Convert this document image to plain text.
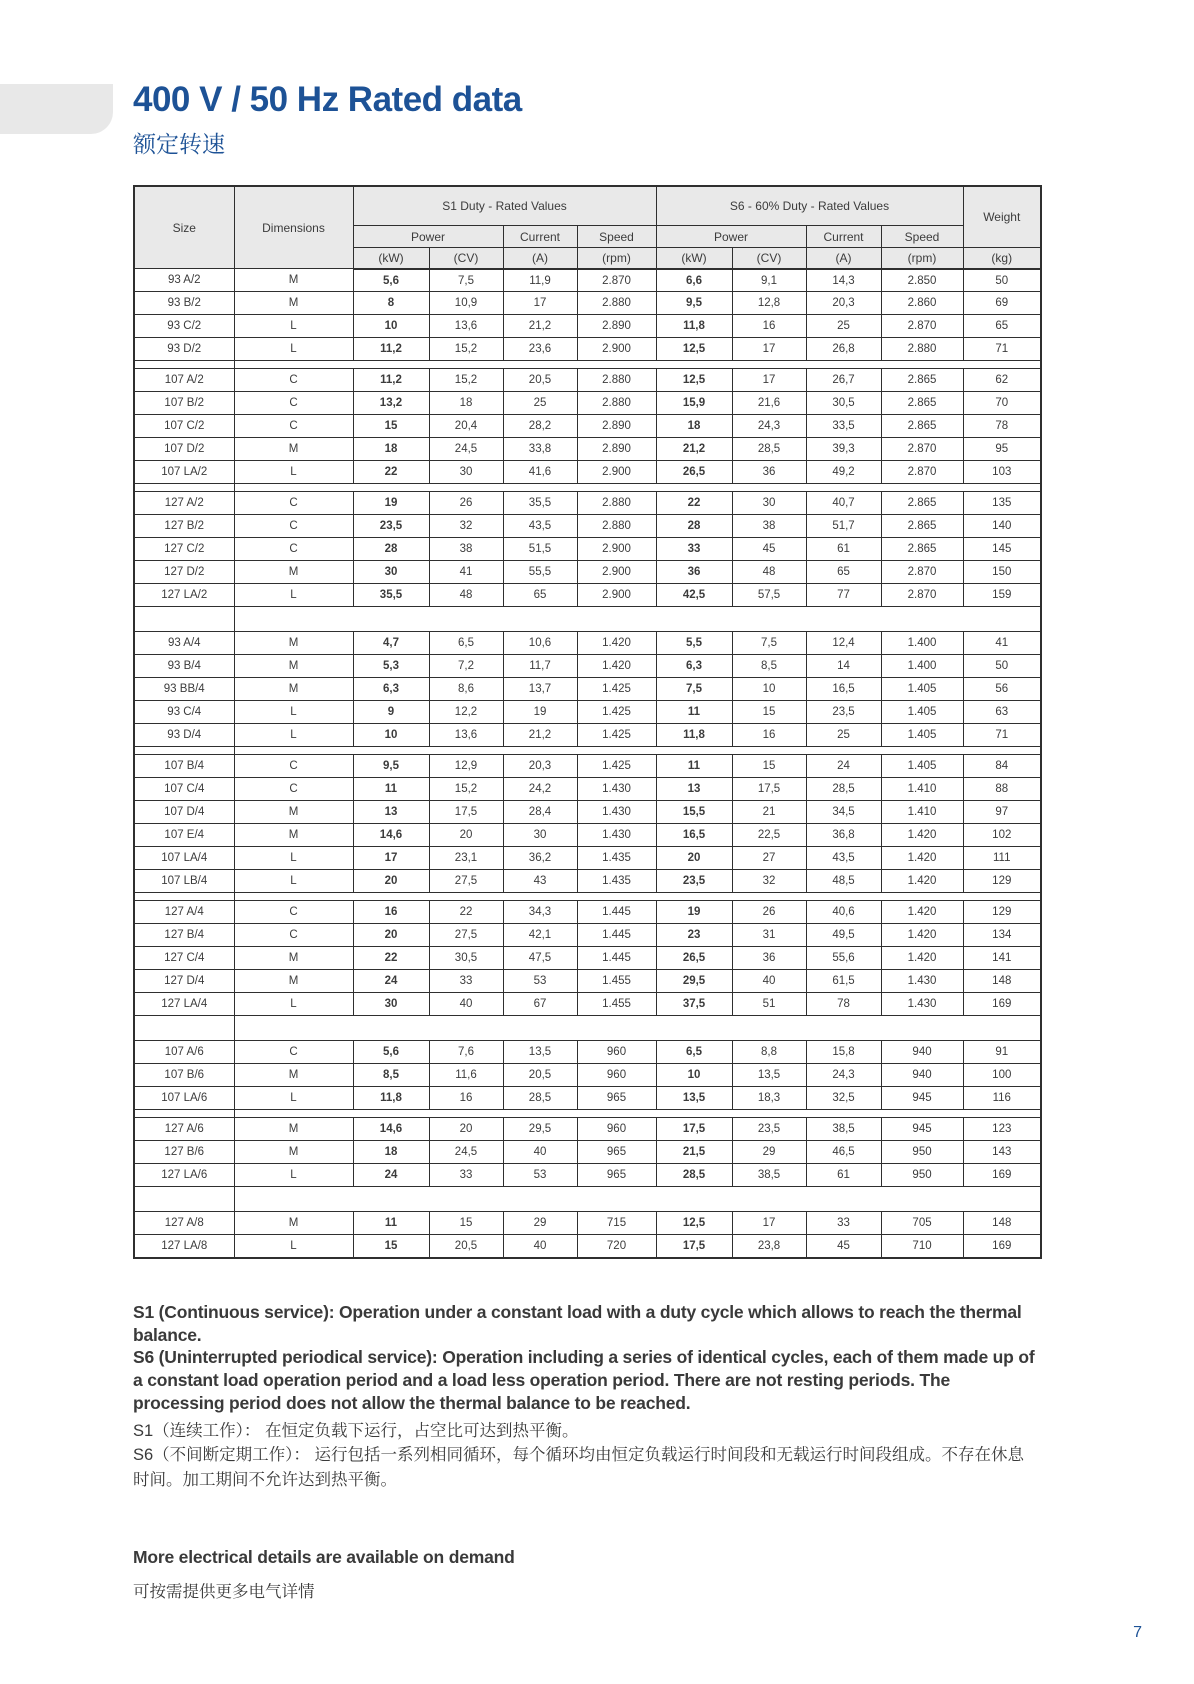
400 V / 50 Hz Rated data
额定转速
Size	Dimensions	S1 Duty - Rated Values				S6 - 60% Duty - Rated Values				Weight
		Power		Current	Speed	Power		Current	Speed	
		(kW)	(CV)	(A)	(rpm)	(kW)	(CV)	(A)	(rpm)	(kg)
93 A/2	M	5,6	7,5	11,9	2.870	6,6	9,1	14,3	2.850	50
93 B/2	M	8	10,9	17	2.880	9,5	12,8	20,3	2.860	69
93 C/2	L	10	13,6	21,2	2.890	11,8	16	25	2.870	65
93 D/2	L	11,2	15,2	23,6	2.900	12,5	17	26,8	2.880	71

107 A/2	C	11,2	15,2	20,5	2.880	12,5	17	26,7	2.865	62
107 B/2	C	13,2	18	25	2.880	15,9	21,6	30,5	2.865	70
107 C/2	C	15	20,4	28,2	2.890	18	24,3	33,5	2.865	78
107 D/2	M	18	24,5	33,8	2.890	21,2	28,5	39,3	2.870	95
107 LA/2	L	22	30	41,6	2.900	26,5	36	49,2	2.870	103

127 A/2	C	19	26	35,5	2.880	22	30	40,7	2.865	135
127 B/2	C	23,5	32	43,5	2.880	28	38	51,7	2.865	140
127 C/2	C	28	38	51,5	2.900	33	45	61	2.865	145
127 D/2	M	30	41	55,5	2.900	36	48	65	2.870	150
127 LA/2	L	35,5	48	65	2.900	42,5	57,5	77	2.870	159

93 A/4	M	4,7	6,5	10,6	1.420	5,5	7,5	12,4	1.400	41
93 B/4	M	5,3	7,2	11,7	1.420	6,3	8,5	14	1.400	50
93 BB/4	M	6,3	8,6	13,7	1.425	7,5	10	16,5	1.405	56
93 C/4	L	9	12,2	19	1.425	11	15	23,5	1.405	63
93 D/4	L	10	13,6	21,2	1.425	11,8	16	25	1.405	71

107 B/4	C	9,5	12,9	20,3	1.425	11	15	24	1.405	84
107 C/4	C	11	15,2	24,2	1.430	13	17,5	28,5	1.410	88
107 D/4	M	13	17,5	28,4	1.430	15,5	21	34,5	1.410	97
107 E/4	M	14,6	20	30	1.430	16,5	22,5	36,8	1.420	102
107 LA/4	L	17	23,1	36,2	1.435	20	27	43,5	1.420	111
107 LB/4	L	20	27,5	43	1.435	23,5	32	48,5	1.420	129

127 A/4	C	16	22	34,3	1.445	19	26	40,6	1.420	129
127 B/4	C	20	27,5	42,1	1.445	23	31	49,5	1.420	134
127 C/4	M	22	30,5	47,5	1.445	26,5	36	55,6	1.420	141
127 D/4	M	24	33	53	1.455	29,5	40	61,5	1.430	148
127 LA/4	L	30	40	67	1.455	37,5	51	78	1.430	169

107 A/6	C	5,6	7,6	13,5	960	6,5	8,8	15,8	940	91
107 B/6	M	8,5	11,6	20,5	960	10	13,5	24,3	940	100
107 LA/6	L	11,8	16	28,5	965	13,5	18,3	32,5	945	116

127 A/6	M	14,6	20	29,5	960	17,5	23,5	38,5	945	123
127 B/6	M	18	24,5	40	965	21,5	29	46,5	950	143
127 LA/6	L	24	33	53	965	28,5	38,5	61	950	169

127 A/8	M	11	15	29	715	12,5	17	33	705	148
127 LA/8	L	15	20,5	40	720	17,5	23,8	45	710	169

S1 (Continuous service): Operation under a constant load with a duty cycle which allows to reach the thermal balance.

S6 (Uninterrupted periodical service): Operation including a series of identical cycles, each of them made up of a constant load operation period and a load less operation period. There are not resting periods. The processing period does not allow the thermal balance to be reached.

S1（连续工作）： 在恒定负载下运行，占空比可达到热平衡。

S6（不间断定期工作）： 运行包括一系列相同循环，每个循环均由恒定负载运行时间段和无载运行时间段组成。不存在休息时间。加工期间不允许达到热平衡。

More electrical details are available on demand

可按需提供更多电气详情

7
